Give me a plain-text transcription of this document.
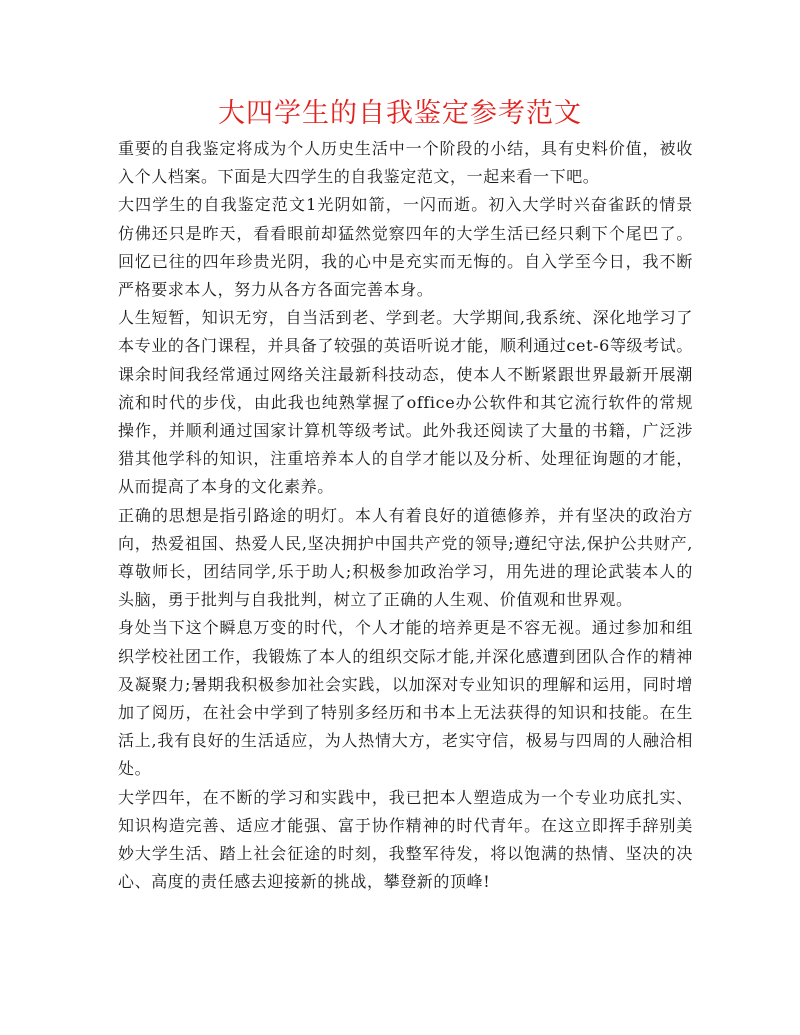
大四学生的自我鉴定参考范文

重要的自我鉴定将成为个人历史生活中一个阶段的小结，具有史料价值，被收入个人档案。下面是大四学生的自我鉴定范文，一起来看一下吧。

大四学生的自我鉴定范文1光阴如箭，一闪而逝。初入大学时兴奋雀跃的情景仿佛还只是昨天，看看眼前却猛然觉察四年的大学生活已经只剩下个尾巴了。回忆已往的四年珍贵光阴，我的心中是充实而无悔的。自入学至今日，我不断严格要求本人，努力从各方各面完善本身。

人生短暂，知识无穷，自当活到老、学到老。大学期间,我系统、深化地学习了本专业的各门课程，并具备了较强的英语听说才能，顺利通过cet-6等级考试。课余时间我经常通过网络关注最新科技动态，使本人不断紧跟世界最新开展潮流和时代的步伐，由此我也纯熟掌握了office办公软件和其它流行软件的常规操作，并顺利通过国家计算机等级考试。此外我还阅读了大量的书籍，广泛涉猎其他学科的知识，注重培养本人的自学才能以及分析、处理征询题的才能，从而提高了本身的文化素养。

正确的思想是指引路途的明灯。本人有着良好的道德修养，并有坚决的政治方向，热爱祖国、热爱人民,坚决拥护中国共产党的领导;遵纪守法,保护公共财产,尊敬师长，团结同学,乐于助人;积极参加政治学习，用先进的理论武装本人的头脑，勇于批判与自我批判，树立了正确的人生观、价值观和世界观。

身处当下这个瞬息万变的时代，个人才能的培养更是不容无视。通过参加和组织学校社团工作，我锻炼了本人的组织交际才能,并深化感遭到团队合作的精神及凝聚力;暑期我积极参加社会实践，以加深对专业知识的理解和运用，同时增加了阅历，在社会中学到了特别多经历和书本上无法获得的知识和技能。在生活上,我有良好的生活适应，为人热情大方，老实守信，极易与四周的人融洽相处。

大学四年，在不断的学习和实践中，我已把本人塑造成为一个专业功底扎实、知识构造完善、适应才能强、富于协作精神的时代青年。在这立即挥手辞别美妙大学生活、踏上社会征途的时刻，我整军待发，将以饱满的热情、坚决的决心、高度的责任感去迎接新的挑战，攀登新的顶峰!
